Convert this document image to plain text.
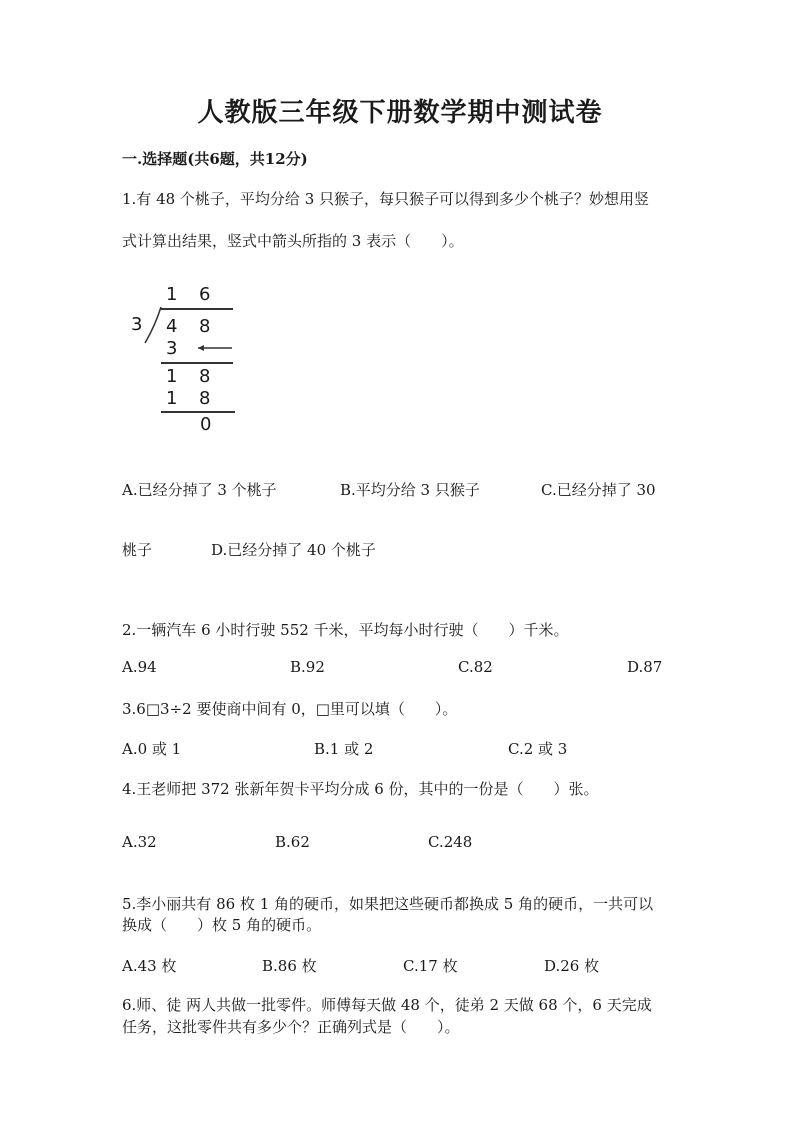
人教版三年级下册数学期中测试卷
一.选择题(共6题，共12分)
1.有 48 个桃子，平均分给 3 只猴子，每只猴子可以得到多少个桃子？妙想用竖
式计算出结果，竖式中箭头所指的 3 表示（　　）。
1 6
3 4 8
3
1 8
1 8
0
A.已经分掉了 3 个桃子	B.平均分给 3 只猴子	C.已经分掉了 30
桃子	D.已经分掉了 40 个桃子
2.一辆汽车 6 小时行驶 552 千米，平均每小时行驶（　　）千米。
A.94	B.92	C.82	D.87
3.6□3÷2 要使商中间有 0，□里可以填（　　）。
A.0 或 1	B.1 或 2	C.2 或 3
4.王老师把 372 张新年贺卡平均分成 6 份，其中的一份是（　　）张。
A.32	B.62	C.248
5.李小丽共有 86 枚 1 角的硬币，如果把这些硬币都换成 5 角的硬币，一共可以
换成（　　）枚 5 角的硬币。
A.43 枚	B.86 枚	C.17 枚	D.26 枚
6.师、徒 两人共做一批零件。师傅每天做 48 个，徒弟 2 天做 68 个，6 天完成
任务，这批零件共有多少个？正确列式是（　　）。
